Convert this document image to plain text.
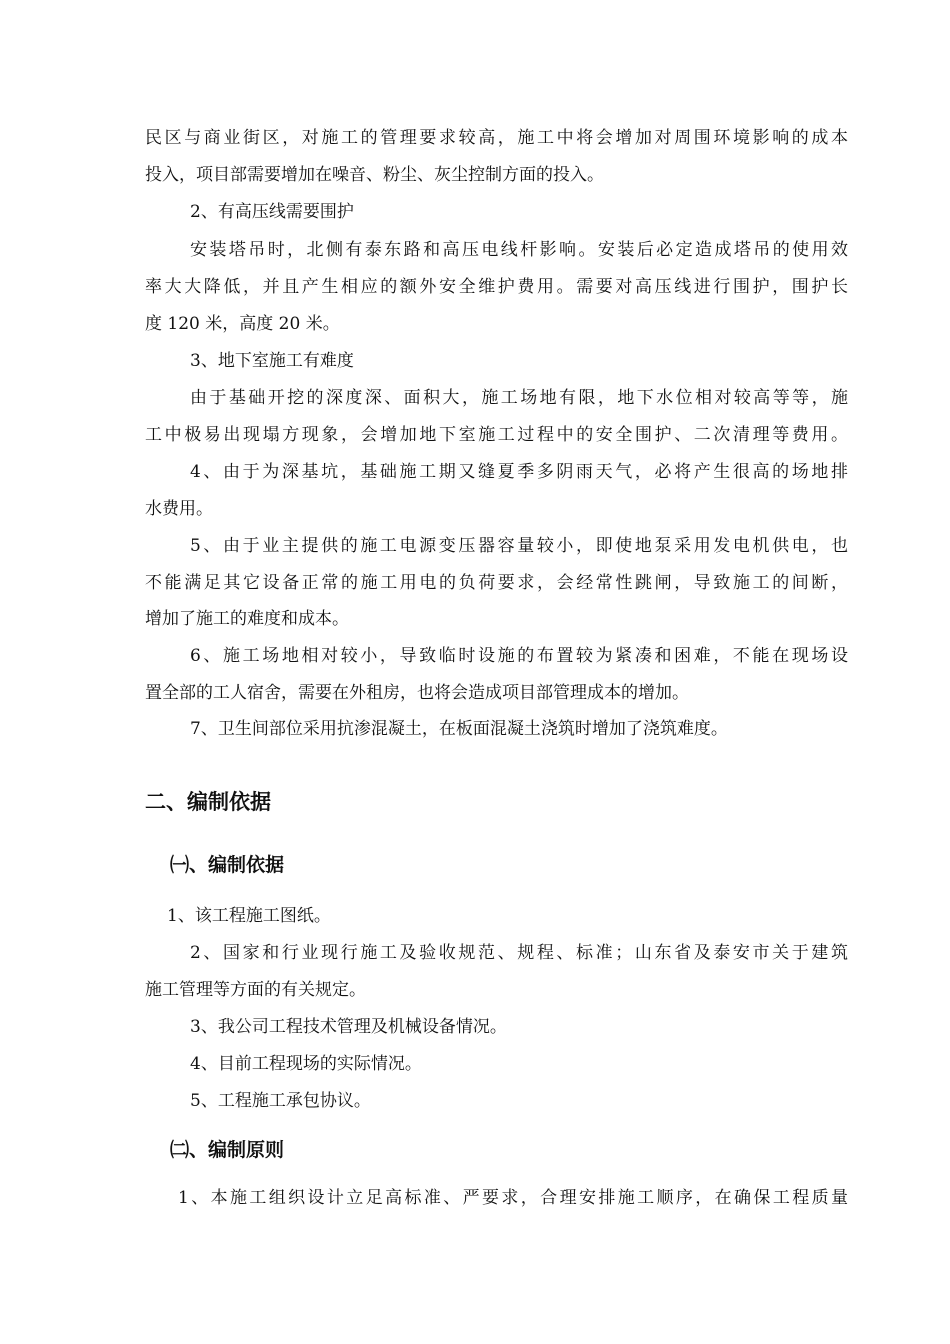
民区与商业街区，对施工的管理要求较高，施工中将会增加对周围环境影响的成本
投入，项目部需要增加在噪音、粉尘、灰尘控制方面的投入。
2、有高压线需要围护
安装塔吊时，北侧有泰东路和高压电线杆影响。安装后必定造成塔吊的使用效
率大大降低，并且产生相应的额外安全维护费用。需要对高压线进行围护，围护长
度 120 米，高度 20 米。
3、地下室施工有难度
由于基础开挖的深度深、面积大，施工场地有限，地下水位相对较高等等，施
工中极易出现塌方现象，会增加地下室施工过程中的安全围护、二次清理等费用。
4、由于为深基坑，基础施工期又缝夏季多阴雨天气，必将产生很高的场地排
水费用。
5、由于业主提供的施工电源变压器容量较小，即使地泵采用发电机供电，也
不能满足其它设备正常的施工用电的负荷要求，会经常性跳闸，导致施工的间断，
增加了施工的难度和成本。
6、施工场地相对较小，导致临时设施的布置较为紧凑和困难，不能在现场设
置全部的工人宿舍，需要在外租房，也将会造成项目部管理成本的增加。
7、卫生间部位采用抗渗混凝土，在板面混凝土浇筑时增加了浇筑难度。
二、编制依据
㈠、编制依据
1、该工程施工图纸。
2、国家和行业现行施工及验收规范、规程、标准；山东省及泰安市关于建筑
施工管理等方面的有关规定。
3、我公司工程技术管理及机械设备情况。
4、目前工程现场的实际情况。
5、工程施工承包协议。
㈡、编制原则
1、本施工组织设计立足高标准、严要求，合理安排施工顺序，在确保工程质量
